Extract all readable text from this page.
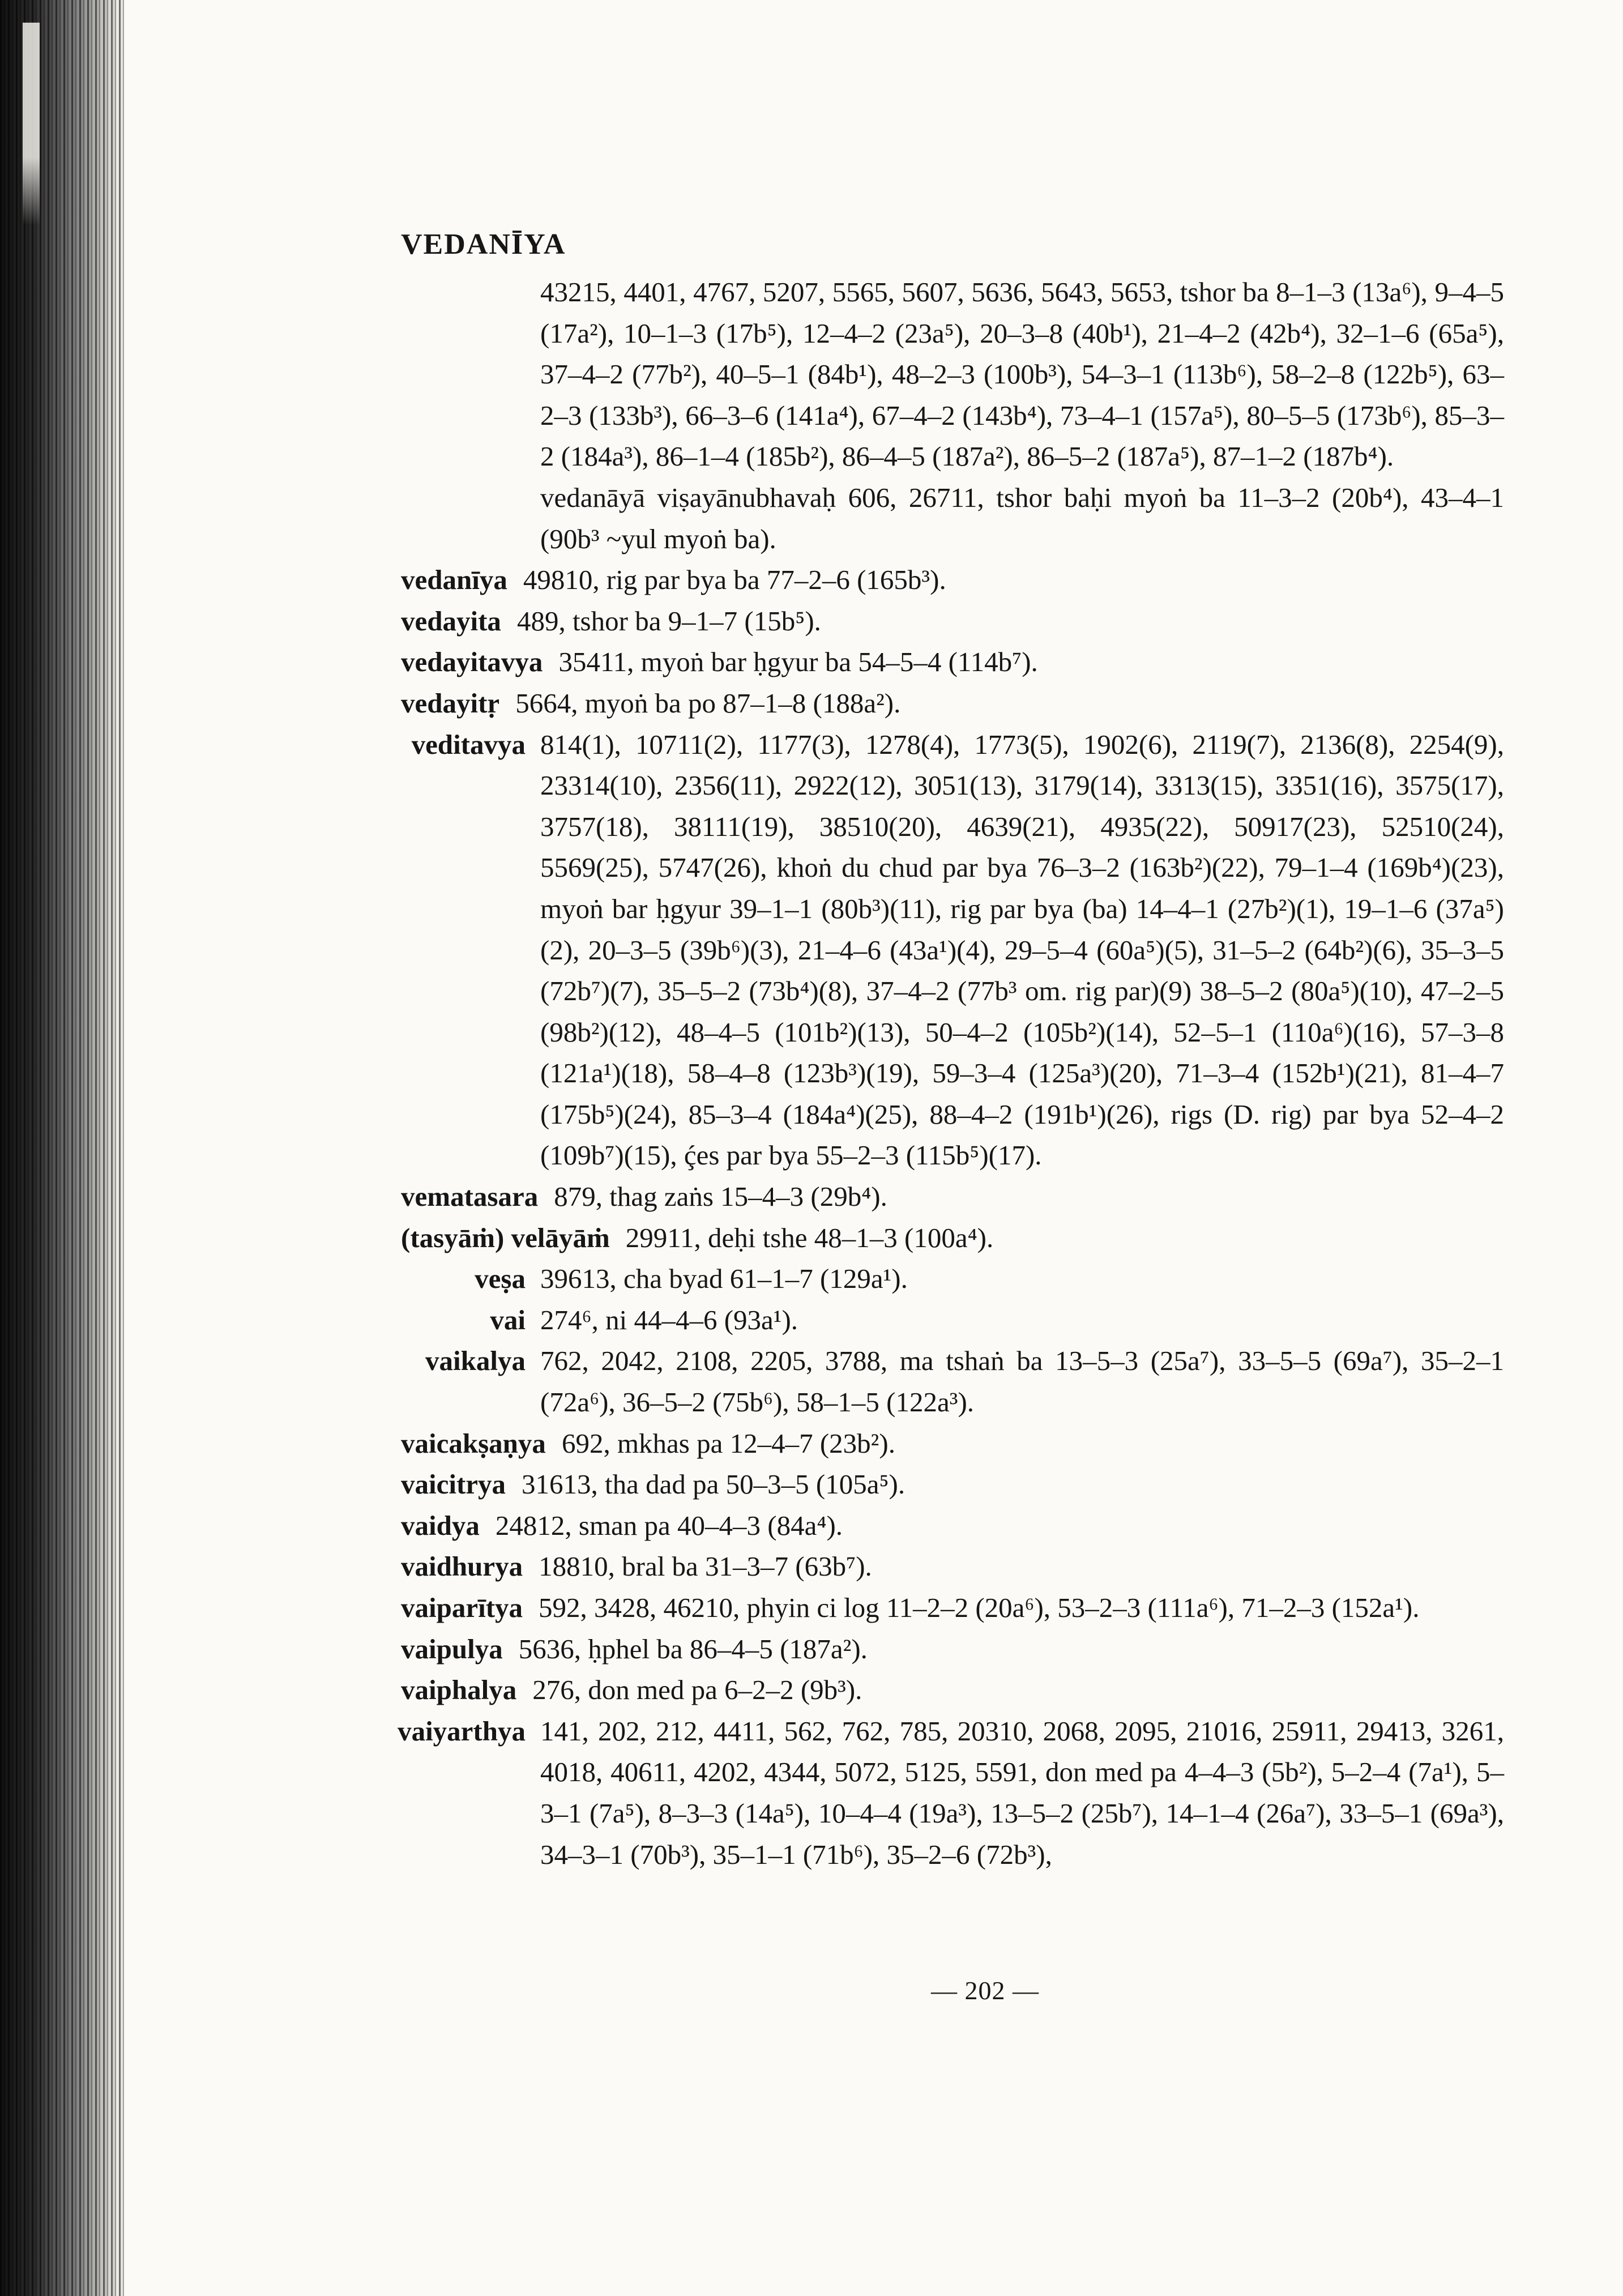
VEDANĪYA
43215, 4401, 4767, 5207, 5565, 5607, 5636, 5643, 5653, tshor ba 8–1–3 (13a⁶), 9–4–5 (17a²), 10–1–3 (17b⁵), 12–4–2 (23a⁵), 20–3–8 (40b¹), 21–4–2 (42b⁴), 32–1–6 (65a⁵), 37–4–2 (77b²), 40–5–1 (84b¹), 48–2–3 (100b³), 54–3–1 (113b⁶), 58–2–8 (122b⁵), 63–2–3 (133b³), 66–3–6 (141a⁴), 67–4–2 (143b⁴), 73–4–1 (157a⁵), 80–5–5 (173b⁶), 85–3–2 (184a³), 86–1–4 (185b²), 86–4–5 (187a²), 86–5–2 (187a⁵), 87–1–2 (187b⁴).
vedanāyā viṣayānubhavaḥ 606, 26711, tshor baḥi myoṅ ba 11–3–2 (20b⁴), 43–4–1 (90b³ ~yul myoṅ ba).
vedanīya 49810, rig par bya ba 77–2–6 (165b³).
vedayita 489, tshor ba 9–1–7 (15b⁵).
vedayitavya 35411, myoṅ bar ḥgyur ba 54–5–4 (114b⁷).
vedayitṛ 5664, myoṅ ba po 87–1–8 (188a²).
veditavya 814(1), 10711(2), 1177(3), 1278(4), 1773(5), 1902(6), 2119(7), 2136(8), 2254(9), 23314(10), 2356(11), 2922(12), 3051(13), 3179(14), 3313(15), 3351(16), 3575(17), 3757(18), 38111(19), 38510(20), 4639(21), 4935(22), 50917(23), 52510(24), 5569(25), 5747(26), khoṅ du chud par bya 76–3–2 (163b²)(22), 79–1–4 (169b⁴)(23), myoṅ bar ḥgyur 39–1–1 (80b³)(11), rig par bya (ba) 14–4–1 (27b²)(1), 19–1–6 (37a⁵)(2), 20–3–5 (39b⁶)(3), 21–4–6 (43a¹)(4), 29–5–4 (60a⁵)(5), 31–5–2 (64b²)(6), 35–3–5 (72b⁷)(7), 35–5–2 (73b⁴)(8), 37–4–2 (77b³ om. rig par)(9) 38–5–2 (80a⁵)(10), 47–2–5 (98b²)(12), 48–4–5 (101b²)(13), 50–4–2 (105b²)(14), 52–5–1 (110a⁶)(16), 57–3–8 (121a¹)(18), 58–4–8 (123b³)(19), 59–3–4 (125a³)(20), 71–3–4 (152b¹)(21), 81–4–7 (175b⁵)(24), 85–3–4 (184a⁴)(25), 88–4–2 (191b¹)(26), rigs (D. rig) par bya 52–4–2 (109b⁷)(15), ḉes par bya 55–2–3 (115b⁵)(17).
vematasara 879, thag zaṅs 15–4–3 (29b⁴).
(tasyāṁ) velāyāṁ 29911, deḥi tshe 48–1–3 (100a⁴).
veṣa 39613, cha byad 61–1–7 (129a¹).
vai 274⁶, ni 44–4–6 (93a¹).
vaikalya 762, 2042, 2108, 2205, 3788, ma tshaṅ ba 13–5–3 (25a⁷), 33–5–5 (69a⁷), 35–2–1 (72a⁶), 36–5–2 (75b⁶), 58–1–5 (122a³).
vaicakṣaṇya 692, mkhas pa 12–4–7 (23b²).
vaicitrya 31613, tha dad pa 50–3–5 (105a⁵).
vaidya 24812, sman pa 40–4–3 (84a⁴).
vaidhurya 18810, bral ba 31–3–7 (63b⁷).
vaiparītya 592, 3428, 46210, phyin ci log 11–2–2 (20a⁶), 53–2–3 (111a⁶), 71–2–3 (152a¹).
vaipulya 5636, ḥphel ba 86–4–5 (187a²).
vaiphalya 276, don med pa 6–2–2 (9b³).
vaiyarthya 141, 202, 212, 4411, 562, 762, 785, 20310, 2068, 2095, 21016, 25911, 29413, 3261, 4018, 40611, 4202, 4344, 5072, 5125, 5591, don med pa 4–4–3 (5b²), 5–2–4 (7a¹), 5–3–1 (7a⁵), 8–3–3 (14a⁵), 10–4–4 (19a³), 13–5–2 (25b⁷), 14–1–4 (26a⁷), 33–5–1 (69a³), 34–3–1 (70b³), 35–1–1 (71b⁶), 35–2–6 (72b³),
— 202 —
